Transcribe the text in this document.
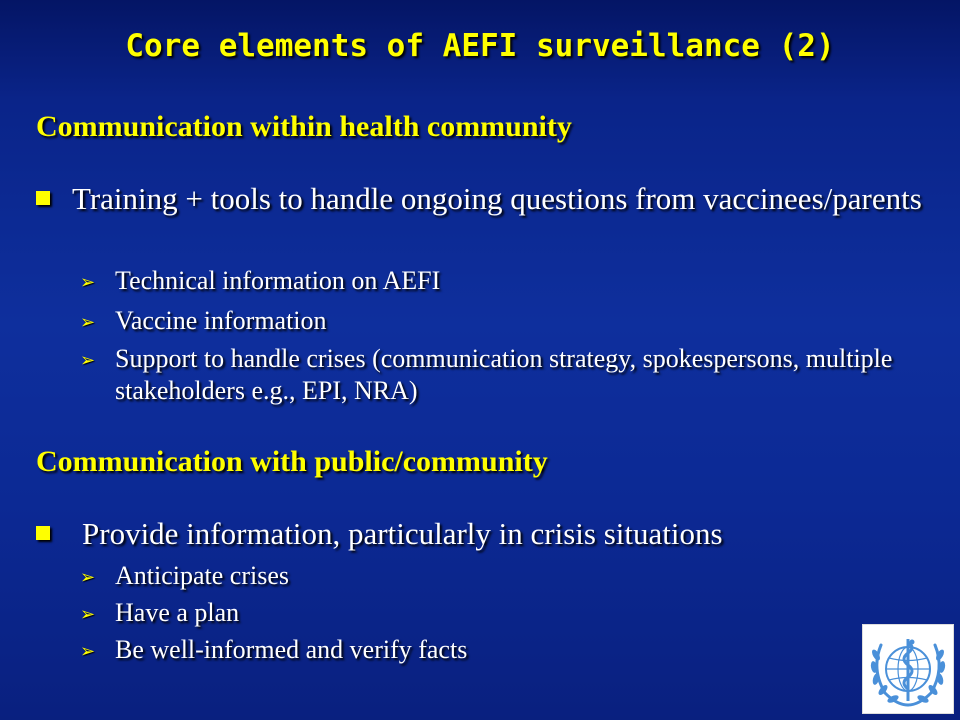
Core elements of AEFI surveillance (2)
Communication within health community
Training + tools to handle ongoing questions from vaccinees/parents
➢ Technical information on AEFI
➢ Vaccine information
➢ Support to handle crises (communication strategy, spokespersons, multiple stakeholders e.g., EPI, NRA)
Communication with public/community
Provide information, particularly in crisis situations
➢ Anticipate crises
➢ Have a plan
➢ Be well-informed and verify facts
